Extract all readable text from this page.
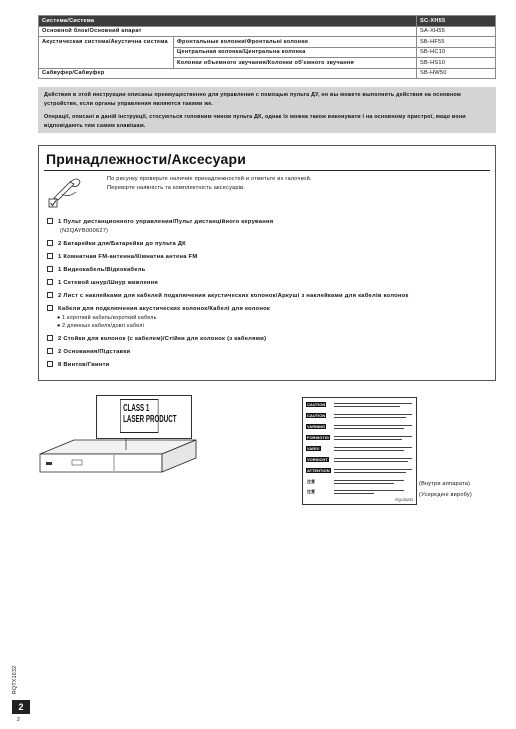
Система/Система		SC-XH55
Основной блок/Основний апарат		SA-XH55
Акустическая система/Акустична система	Фронтальные колонки/Фронтальні колонки	SB-HF55
	Центральная колонка/Центральна колонка	SB-HC10
	Колонки объемного звучания/Колонки об'ємного звучання	SB-HS10
Сабвуфер/Сабвуфер		SB-HW50

Действия в этой инструкции описаны преимущественно для управления с помощью пульта ДУ, но вы можете выполнять действия на основном устройстве, если органы управления являются такими же.

Операції, описані в даній інструкції, стосуються головним чином пульта ДК, однак їх можна також виконувати і на основному пристрої, якщо вони відповідають тим самим клавішам.

Принадлежности/Аксесуари
По рисунку проверьте наличие принадлежностей и отметьте их галочкой.
Перевірте наявність та комплектність аксесуарів.
1 Пульт дистанционного управления/Пульт дистанційного керування
(N2QAYB000627)
2 Батарейки для/Батарейки до пульта ДК
1 Комнатная FM-антенна/Кімнатна антена FM
1 Видеокабель/Відеокабель
1 Сетевой шнур/Шнур живлення
2 Лист с наклейками для кабелей подключения акустических колонок/Аркуші з наклейками для кабелів колонок
Кабели для подключения акустических колонок/Кабелі для колонок
● 1 короткий кабель/короткий кабель
● 2 длинных кабеля/довгі кабелі
2 Стойки для колонок (с кабелем)/Стійки для колонок (з кабелями)
2 Основания/Підставки
8 Винтов/Гвинти
CLASS 1
LASER PRODUCT
CAUTION
CAUTION
VARNING
FORSIGTIG
VARO!
VORSICHT
ATTENTION
注意
注意
RQLS0233
(Внутри аппарата)
(Усередені виробу)
RQTX1032
2
2
